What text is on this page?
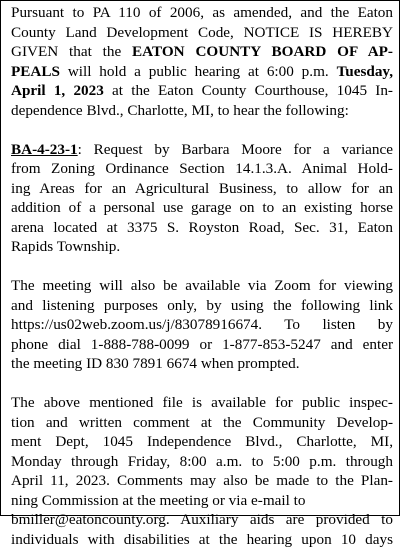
Pursuant to PA 110 of 2006, as amended, and the Eaton
County Land Development Code, NOTICE IS HEREBY
GIVEN that the EATON COUNTY BOARD OF AP-
PEALS will hold a public hearing at 6:00 p.m. Tuesday,
April 1, 2023 at the Eaton County Courthouse, 1045 In-
dependence Blvd., Charlotte, MI, to hear the following:

BA-4-23-1: Request by Barbara Moore for a variance
from Zoning Ordinance Section 14.1.3.A. Animal Hold-
ing Areas for an Agricultural Business, to allow for an
addition of a personal use garage on to an existing horse
arena located at 3375 S. Royston Road, Sec. 31, Eaton
Rapids Township.

The meeting will also be available via Zoom for viewing
and listening purposes only, by using the following link
https://us02web.zoom.us/j/83078916674. To listen by
phone dial 1-888-788-0099 or 1-877-853-5247 and enter
the meeting ID 830 7891 6674 when prompted.

The above mentioned file is available for public inspec-
tion and written comment at the Community Develop-
ment Dept, 1045 Independence Blvd., Charlotte, MI,
Monday through Friday, 8:00 a.m. to 5:00 p.m. through
April 11, 2023. Comments may also be made to the Plan-
ning Commission at the meeting or via e-mail to
bmiller@eatoncounty.org. Auxiliary aids are provided to
individuals with disabilities at the hearing upon 10 days
